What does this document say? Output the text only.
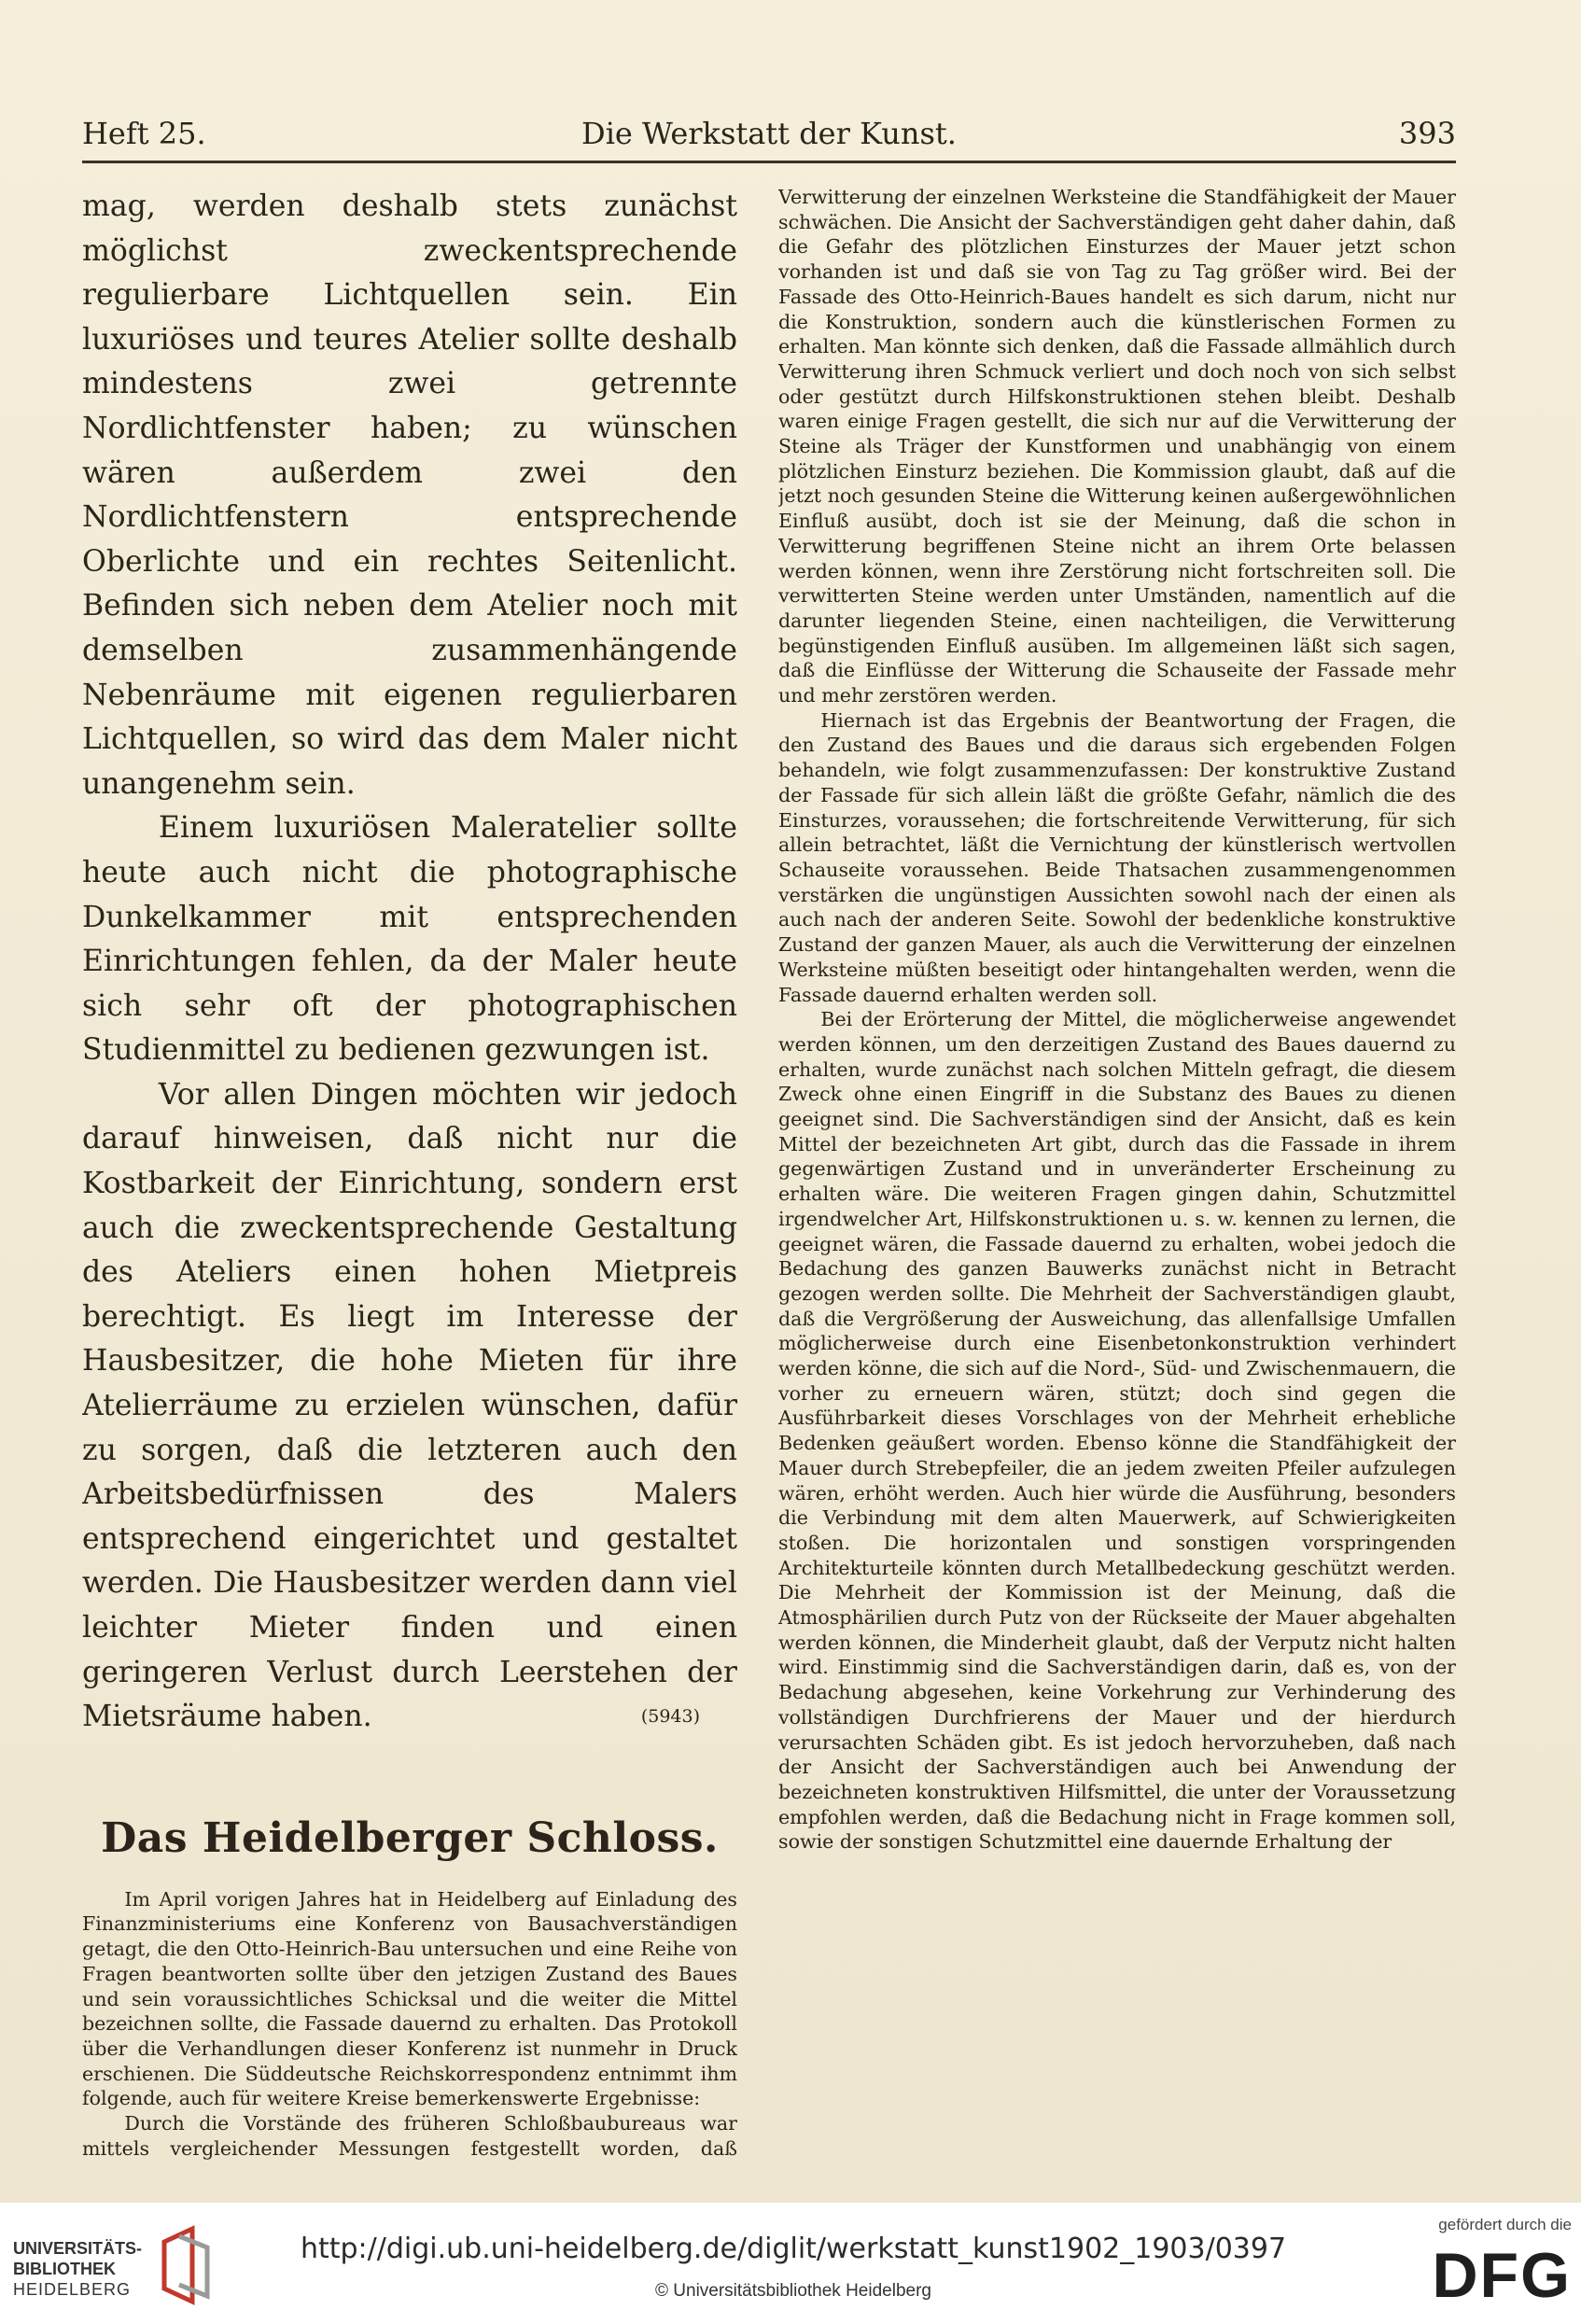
Heft 25.	Die Werkstatt der Kunst.	393

mag, werden deshalb stets zunächst möglichst zweckentsprechende regulierbare Lichtquellen sein. Ein luxuriöses und teures Atelier sollte deshalb mindestens zwei getrennte Nordlichtfenster haben; zu wünschen wären außerdem zwei den Nordlichtfenstern entsprechende Oberlichte und ein rechtes Seitenlicht. Befinden sich neben dem Atelier noch mit demselben zusammenhängende Nebenräume mit eigenen regulierbaren Lichtquellen, so wird das dem Maler nicht unangenehm sein.

Einem luxuriösen Maleratelier sollte heute auch nicht die photographische Dunkelkammer mit entsprechenden Einrichtungen fehlen, da der Maler heute sich sehr oft der photographischen Studienmittel zu bedienen gezwungen ist.

Vor allen Dingen möchten wir jedoch darauf hinweisen, daß nicht nur die Kostbarkeit der Einrichtung, sondern erst auch die zweckentsprechende Gestaltung des Ateliers einen hohen Mietpreis berechtigt. Es liegt im Interesse der Hausbesitzer, die hohe Mieten für ihre Atelierräume zu erzielen wünschen, dafür zu sorgen, daß die letzteren auch den Arbeitsbedürfnissen des Malers entsprechend eingerichtet und gestaltet werden. Die Hausbesitzer werden dann viel leichter Mieter finden und einen geringeren Verlust durch Leerstehen der Mietsräume haben.	(5943)

Das Heidelberger Schloss.

Im April vorigen Jahres hat in Heidelberg auf Einladung des Finanzministeriums eine Konferenz von Bausachverständigen getagt, die den Otto-Heinrich-Bau untersuchen und eine Reihe von Fragen beantworten sollte über den jetzigen Zustand des Baues und sein voraussichtliches Schicksal und die weiter die Mittel bezeichnen sollte, die Fassade dauernd zu erhalten. Das Protokoll über die Verhandlungen dieser Konferenz ist nunmehr in Druck erschienen. Die Süddeutsche Reichskorrespondenz entnimmt ihm folgende, auch für weitere Kreise bemerkenswerte Ergebnisse:

Durch die Vorstände des früheren Schloßbaubureaus war mittels vergleichender Messungen festgestellt worden, daß

Verwitterung der einzelnen Werksteine die Standfähigkeit der Mauer schwächen. Die Ansicht der Sachverständigen geht daher dahin, daß die Gefahr des plötzlichen Einsturzes der Mauer jetzt schon vorhanden ist und daß sie von Tag zu Tag größer wird. Bei der Fassade des Otto-Heinrich-Baues handelt es sich darum, nicht nur die Konstruktion, sondern auch die künstlerischen Formen zu erhalten. Man könnte sich denken, daß die Fassade allmählich durch Verwitterung ihren Schmuck verliert und doch noch von sich selbst oder gestützt durch Hilfskonstruktionen stehen bleibt. Deshalb waren einige Fragen gestellt, die sich nur auf die Verwitterung der Steine als Träger der Kunstformen und unabhängig von einem plötzlichen Einsturz beziehen. Die Kommission glaubt, daß auf die jetzt noch gesunden Steine die Witterung keinen außergewöhnlichen Einfluß ausübt, doch ist sie der Meinung, daß die schon in Verwitterung begriffenen Steine nicht an ihrem Orte belassen werden können, wenn ihre Zerstörung nicht fortschreiten soll. Die verwitterten Steine werden unter Umständen, namentlich auf die darunter liegenden Steine, einen nachteiligen, die Verwitterung begünstigenden Einfluß ausüben. Im allgemeinen läßt sich sagen, daß die Einflüsse der Witterung die Schauseite der Fassade mehr und mehr zerstören werden.

Hiernach ist das Ergebnis der Beantwortung der Fragen, die den Zustand des Baues und die daraus sich ergebenden Folgen behandeln, wie folgt zusammenzufassen: Der konstruktive Zustand der Fassade für sich allein läßt die größte Gefahr, nämlich die des Einsturzes, voraussehen; die fortschreitende Verwitterung, für sich allein betrachtet, läßt die Vernichtung der künstlerisch wertvollen Schauseite voraussehen. Beide Thatsachen zusammengenommen verstärken die ungünstigen Aussichten sowohl nach der einen als auch nach der anderen Seite. Sowohl der bedenkliche konstruktive Zustand der ganzen Mauer, als auch die Verwitterung der einzelnen Werksteine müßten beseitigt oder hintangehalten werden, wenn die Fassade dauernd erhalten werden soll.

Bei der Erörterung der Mittel, die möglicherweise angewendet werden können, um den derzeitigen Zustand des Baues dauernd zu erhalten, wurde zunächst nach solchen Mitteln gefragt, die diesem Zweck ohne einen Eingriff in die Substanz des Baues zu dienen geeignet sind. Die Sachverständigen sind der Ansicht, daß es kein Mittel der bezeichneten Art gibt, durch das die Fassade in ihrem gegenwärtigen Zustand und in unveränderter Erscheinung zu erhalten wäre. Die weiteren Fragen gingen dahin, Schutzmittel irgendwelcher Art, Hilfskonstruktionen u. s. w. kennen zu lernen, die geeignet wären, die Fassade dauernd zu erhalten, wobei jedoch die Bedachung des ganzen Bauwerks zunächst nicht in Betracht gezogen werden sollte. Die Mehrheit der Sachverständigen glaubt, daß die Vergrößerung der Ausweichung, das allenfallsige Umfallen möglicherweise durch eine Eisenbetonkonstruktion verhindert werden könne, die sich auf die Nord-, Süd- und Zwischenmauern, die vorher zu erneuern wären, stützt; doch sind gegen die Ausführbarkeit dieses Vorschlages von der Mehrheit erhebliche Bedenken geäußert worden. Ebenso könne die Standfähigkeit der Mauer durch Strebepfeiler, die an jedem zweiten Pfeiler aufzulegen wären, erhöht werden. Auch hier würde die Ausführung, besonders die Verbindung mit dem alten Mauerwerk, auf Schwierigkeiten stoßen. Die horizontalen und sonstigen vorspringenden Architekturteile könnten durch Metallbedeckung geschützt werden. Die Mehrheit der Kommission ist der Meinung, daß die Atmosphärilien durch Putz von der Rückseite der Mauer abgehalten werden können, die Minderheit glaubt, daß der Verputz nicht halten wird. Einstimmig sind die Sachverständigen darin, daß es, von der Bedachung abgesehen, keine Vorkehrung zur Verhinderung des vollständigen Durchfrierens der Mauer und der hierdurch verursachten Schäden gibt. Es ist jedoch hervorzuheben, daß nach der Ansicht der Sachverständigen auch bei Anwendung der bezeichneten konstruktiven Hilfsmittel, die unter der Voraussetzung empfohlen werden, daß die Bedachung nicht in Frage kommen soll, sowie der sonstigen Schutzmittel eine dauernde Erhaltung der

UNIVERSITÄTS-
BIBLIOTHEK
HEIDELBERG
http://digi.ub.uni-heidelberg.de/diglit/werkstatt_kunst1902_1903/0397
© Universitätsbibliothek Heidelberg
gefördert durch die
DFG
